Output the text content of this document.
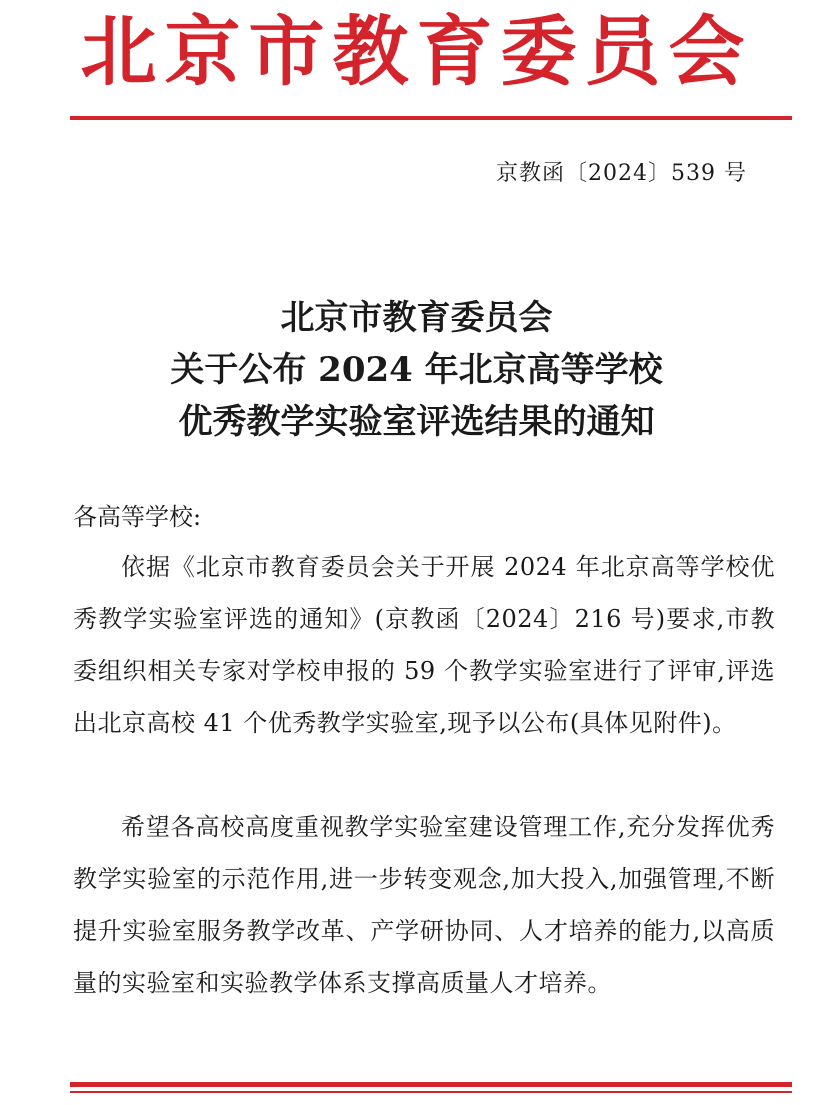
北京市教育委员会
京教函〔2024〕539 号
北京市教育委员会
关于公布 2024 年北京高等学校
优秀教学实验室评选结果的通知
各高等学校:
依据《北京市教育委员会关于开展 2024 年北京高等学校优秀教学实验室评选的通知》(京教函〔2024〕216 号)要求,市教委组织相关专家对学校申报的 59 个教学实验室进行了评审,评选出北京高校 41 个优秀教学实验室,现予以公布(具体见附件)。
希望各高校高度重视教学实验室建设管理工作,充分发挥优秀教学实验室的示范作用,进一步转变观念,加大投入,加强管理,不断提升实验室服务教学改革、产学研协同、人才培养的能力,以高质量的实验室和实验教学体系支撑高质量人才培养。
